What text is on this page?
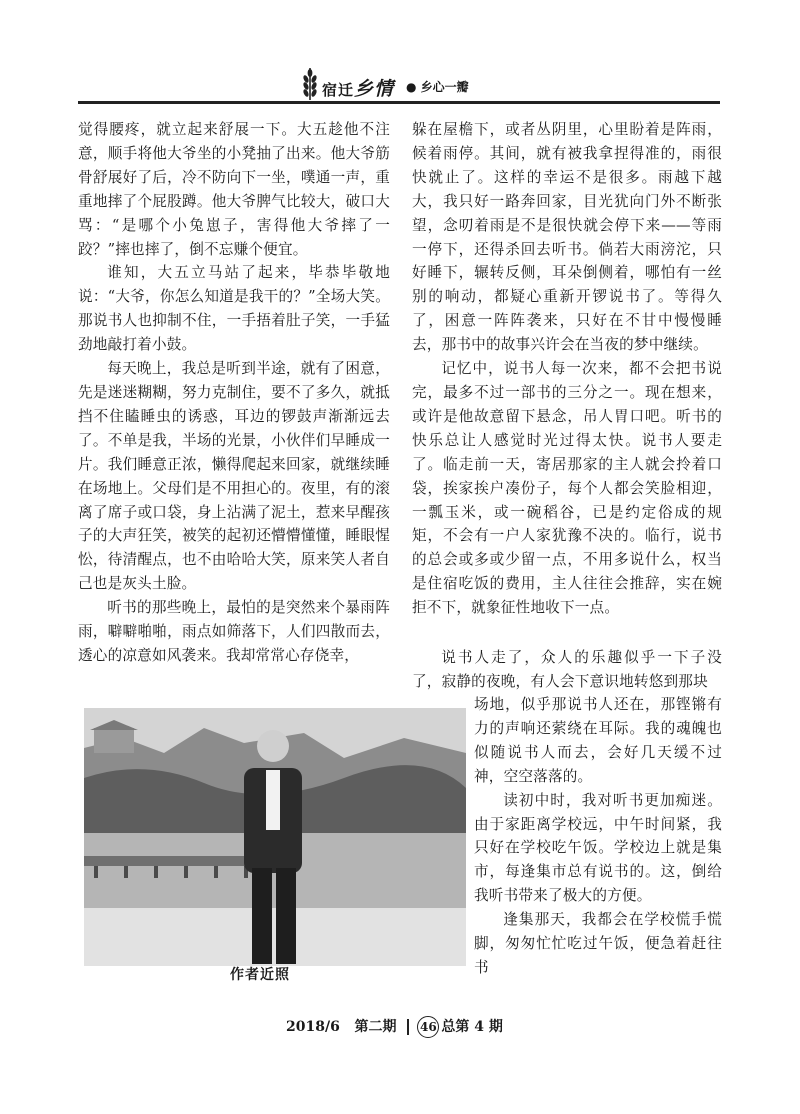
宿迁乡情 ● 乡心一瓣

觉得腰疼，就立起来舒展一下。大五趁他不注意，顺手将他大爷坐的小凳抽了出来。他大爷筋骨舒展好了后，冷不防向下一坐，噗通一声，重重地摔了个屁股蹲。他大爷脾气比较大，破口大骂：“是哪个小兔崽子，害得他大爷摔了一跤？”摔也摔了，倒不忘赚个便宜。

谁知，大五立马站了起来，毕恭毕敬地说：“大爷，你怎么知道是我干的？”全场大笑。那说书人也抑制不住，一手捂着肚子笑，一手猛劲地敲打着小鼓。

每天晚上，我总是听到半途，就有了困意，先是迷迷糊糊，努力克制住，要不了多久，就抵挡不住瞌睡虫的诱惑，耳边的锣鼓声渐渐远去了。不单是我，半场的光景，小伙伴们早睡成一片。我们睡意正浓，懒得爬起来回家，就继续睡在场地上。父母们是不用担心的。夜里，有的滚离了席子或口袋，身上沾满了泥土，惹来早醒孩子的大声狂笑，被笑的起初还懵懵懂懂，睡眼惺忪，待清醒点，也不由哈哈大笑，原来笑人者自己也是灰头土脸。

听书的那些晚上，最怕的是突然来个暴雨阵雨，噼噼啪啪，雨点如筛落下，人们四散而去，透心的凉意如风袭来。我却常常心存侥幸，

躲在屋檐下，或者丛阴里，心里盼着是阵雨，候着雨停。其间，就有被我拿捏得准的，雨很快就止了。这样的幸运不是很多。雨越下越大，我只好一路奔回家，目光犹向门外不断张望，念叨着雨是不是很快就会停下来——等雨一停下，还得杀回去听书。倘若大雨滂沱，只好睡下，辗转反侧，耳朵倒侧着，哪怕有一丝别的响动，都疑心重新开锣说书了。等得久了，困意一阵阵袭来，只好在不甘中慢慢睡去，那书中的故事兴许会在当夜的梦中继续。

记忆中，说书人每一次来，都不会把书说完，最多不过一部书的三分之一。现在想来，或许是他故意留下悬念，吊人胃口吧。听书的快乐总让人感觉时光过得太快。说书人要走了。临走前一天，寄居那家的主人就会拎着口袋，挨家挨户凑份子，每个人都会笑脸相迎，一瓢玉米，或一碗稻谷，已是约定俗成的规矩，不会有一户人家犹豫不决的。临行，说书的总会或多或少留一点，不用多说什么，权当是住宿吃饭的费用，主人往往会推辞，实在婉拒不下，就象征性地收下一点。

说书人走了，众人的乐趣似乎一下子没了，寂静的夜晚，有人会下意识地转悠到那块

场地，似乎那说书人还在，那铿锵有力的声响还萦绕在耳际。我的魂魄也似随说书人而去，会好几天缓不过神，空空落落的。

读初中时，我对听书更加痴迷。由于家距离学校远，中午时间紧，我只好在学校吃午饭。学校边上就是集市，每逢集市总有说书的。这，倒给我听书带来了极大的方便。

逢集那天，我都会在学校慌手慌脚，匆匆忙忙吃过午饭，便急着赶往书

作者近照
2018/6 第二期 46 总第 4 期
